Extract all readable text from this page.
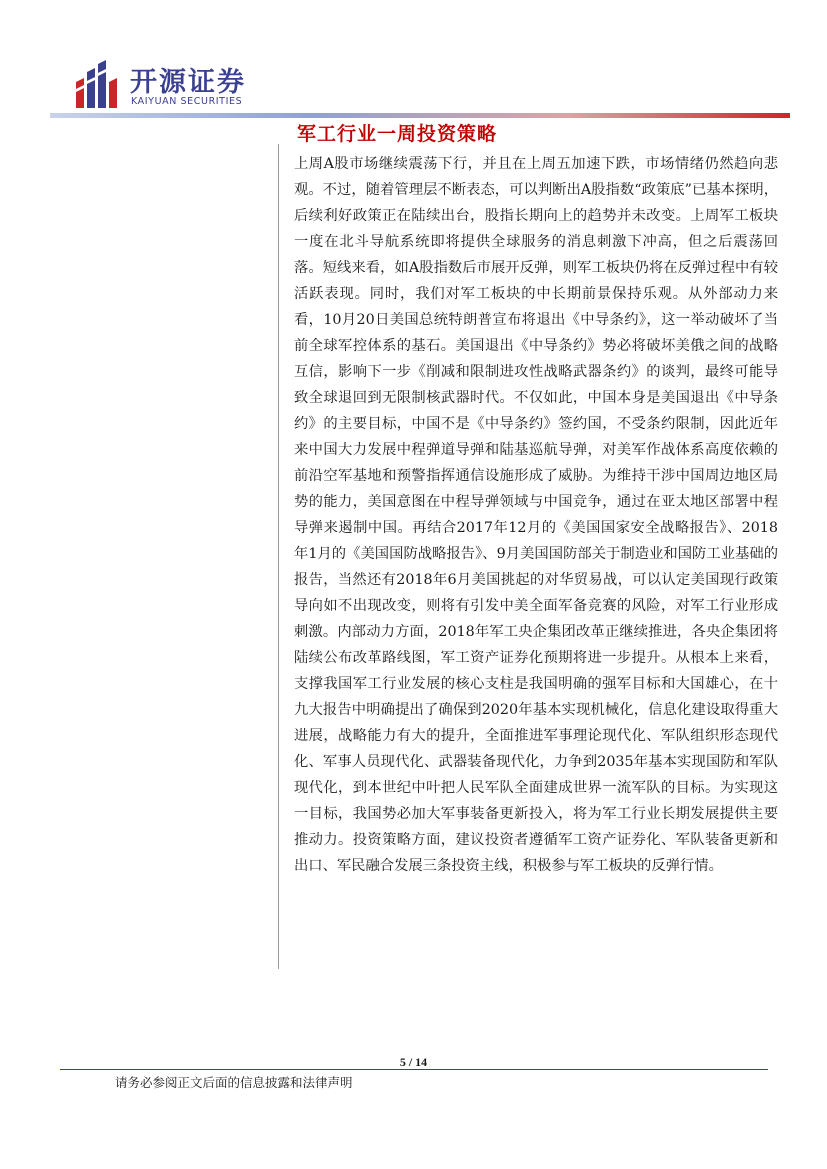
开源证券
KAIYUAN SECURITIES
军工行业一周投资策略

上周A股市场继续震荡下行，并且在上周五加速下跌，市场情绪仍然趋向悲观。不过，随着管理层不断表态，可以判断出A股指数“政策底”已基本探明，后续利好政策正在陆续出台，股指长期向上的趋势并未改变。上周军工板块一度在北斗导航系统即将提供全球服务的消息刺激下冲高，但之后震荡回落。短线来看，如A股指数后市展开反弹，则军工板块仍将在反弹过程中有较活跃表现。同时，我们对军工板块的中长期前景保持乐观。从外部动力来看，10月20日美国总统特朗普宣布将退出《中导条约》，这一举动破坏了当前全球军控体系的基石。美国退出《中导条约》势必将破坏美俄之间的战略互信，影响下一步《削减和限制进攻性战略武器条约》的谈判，最终可能导致全球退回到无限制核武器时代。不仅如此，中国本身是美国退出《中导条约》的主要目标，中国不是《中导条约》签约国，不受条约限制，因此近年来中国大力发展中程弹道导弹和陆基巡航导弹，对美军作战体系高度依赖的前沿空军基地和预警指挥通信设施形成了威胁。为维持干涉中国周边地区局势的能力，美国意图在中程导弹领域与中国竞争，通过在亚太地区部署中程导弹来遏制中国。再结合2017年12月的《美国国家安全战略报告》、2018年1月的《美国国防战略报告》、9月美国国防部关于制造业和国防工业基础的报告，当然还有2018年6月美国挑起的对华贸易战，可以认定美国现行政策导向如不出现改变，则将有引发中美全面军备竞赛的风险，对军工行业形成刺激。内部动力方面，2018年军工央企集团改革正继续推进，各央企集团将陆续公布改革路线图，军工资产证券化预期将进一步提升。从根本上来看，支撑我国军工行业发展的核心支柱是我国明确的强军目标和大国雄心，在十九大报告中明确提出了确保到2020年基本实现机械化，信息化建设取得重大进展，战略能力有大的提升，全面推进军事理论现代化、军队组织形态现代化、军事人员现代化、武器装备现代化，力争到2035年基本实现国防和军队现代化，到本世纪中叶把人民军队全面建成世界一流军队的目标。为实现这一目标，我国势必加大军事装备更新投入，将为军工行业长期发展提供主要推动力。投资策略方面，建议投资者遵循军工资产证券化、军队装备更新和出口、军民融合发展三条投资主线，积极参与军工板块的反弹行情。

5 / 14
请务必参阅正文后面的信息披露和法律声明
